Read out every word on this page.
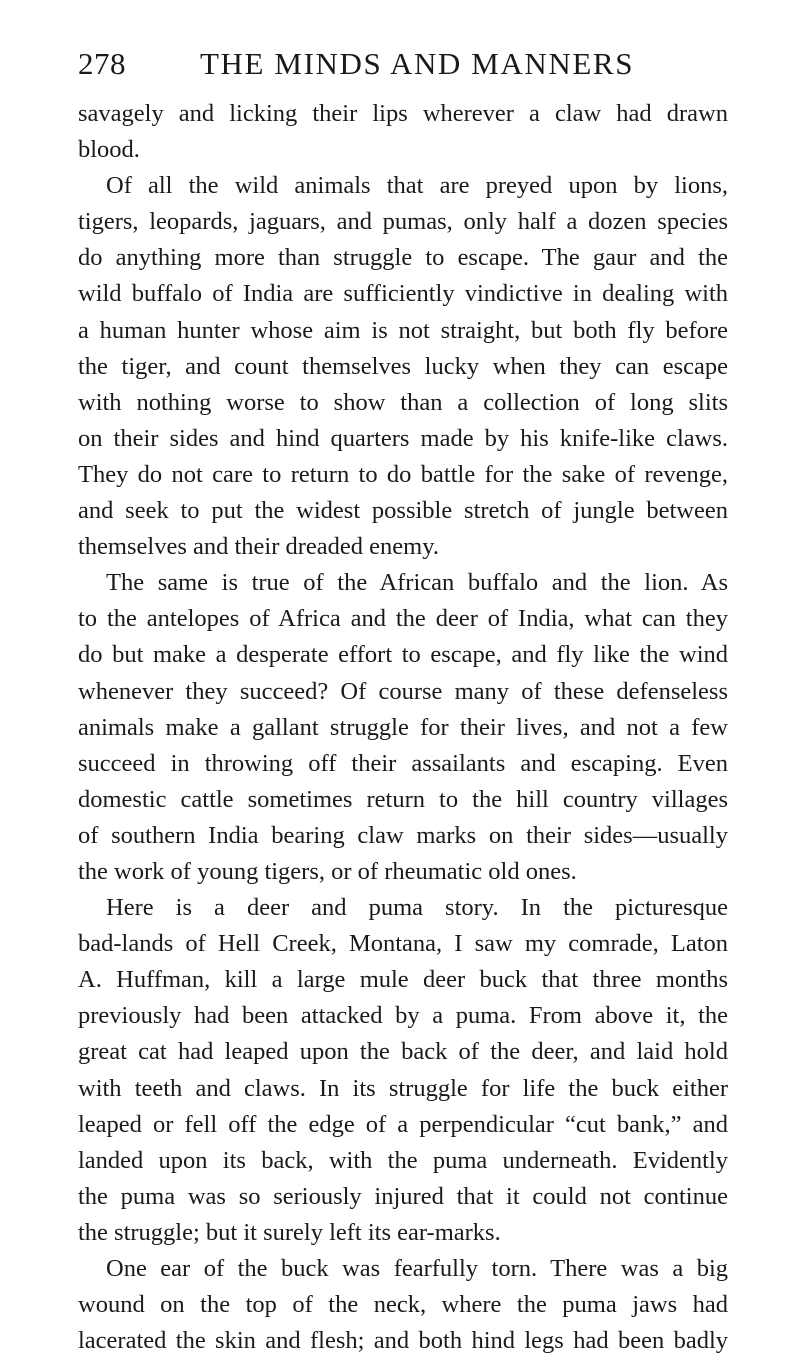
278 THE MINDS AND MANNERS
savagely and licking their lips wherever a claw had drawn
blood.
Of all the wild animals that are preyed upon by lions,
tigers, leopards, jaguars, and pumas, only half a dozen species
do anything more than struggle to escape. The gaur and the
wild buffalo of India are sufficiently vindictive in dealing with
a human hunter whose aim is not straight, but both fly before
the tiger, and count themselves lucky when they can escape
with nothing worse to show than a collection of long slits
on their sides and hind quarters made by his knife-like claws.
They do not care to return to do battle for the sake of revenge,
and seek to put the widest possible stretch of jungle between
themselves and their dreaded enemy.
The same is true of the African buffalo and the lion. As
to the antelopes of Africa and the deer of India, what can they
do but make a desperate effort to escape, and fly like the wind
whenever they succeed? Of course many of these defenseless
animals make a gallant struggle for their lives, and not a few
succeed in throwing off their assailants and escaping. Even
domestic cattle sometimes return to the hill country villages
of southern India bearing claw marks on their sides—usually
the work of young tigers, or of rheumatic old ones.
Here is a deer and puma story. In the picturesque
bad-lands of Hell Creek, Montana, I saw my comrade, Laton
A. Huffman, kill a large mule deer buck that three months
previously had been attacked by a puma. From above it, the
great cat had leaped upon the back of the deer, and laid hold
with teeth and claws. In its struggle for life the buck either
leaped or fell off the edge of a perpendicular “cut bank,” and
landed upon its back, with the puma underneath. Evidently
the puma was so seriously injured that it could not continue
the struggle; but it surely left its ear-marks.
One ear of the buck was fearfully torn. There was a big
wound on the top of the neck, where the puma jaws had
lacerated the skin and flesh; and both hind legs had been badly
